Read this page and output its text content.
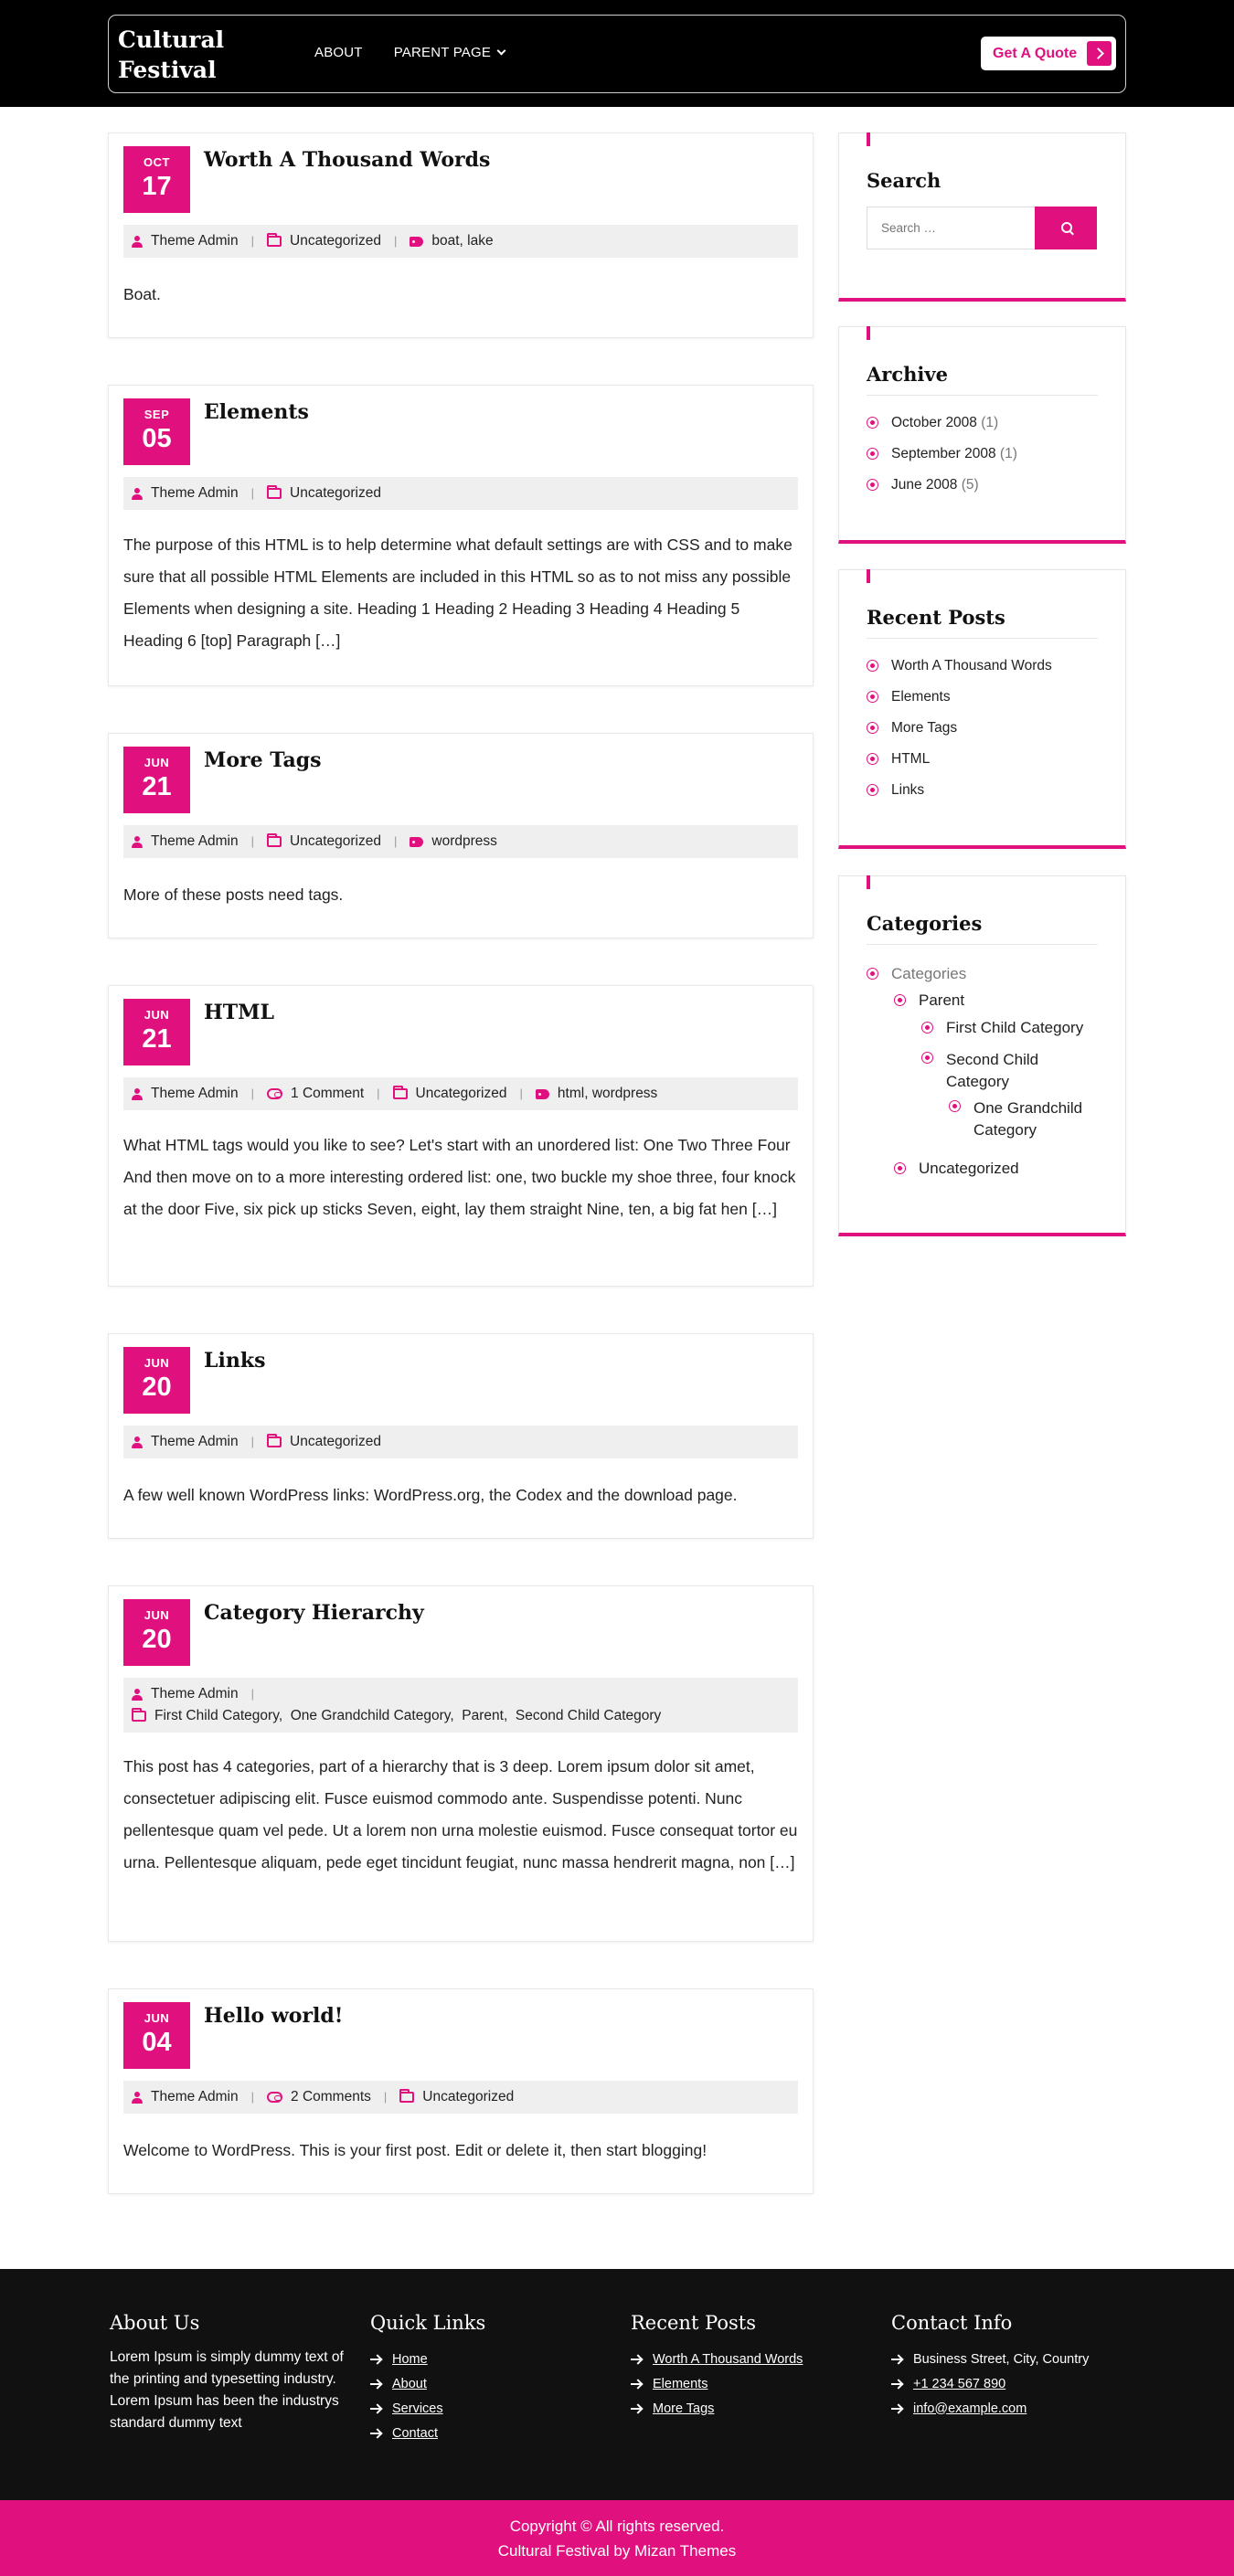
Cultural Festival
ABOUT PARENT PAGE	Get A Quote
OCT
17
Worth A Thousand Words
Theme Admin |	Uncategorized | boat, lake

Boat.

SEP
05
Elements
Theme Admin |	Uncategorized

The purpose of this HTML is to help determine what default settings are with CSS and to make sure that all possible HTML Elements are included in this HTML so as to not miss any possible Elements when designing a site. Heading 1 Heading 2 Heading 3 Heading 4 Heading 5 Heading 6 [top] Paragraph […]

JUN
21
More Tags
Theme Admin |	Uncategorized | wordpress

More of these posts need tags.

JUN
21
HTML
Theme Admin |	1 Comment |	Uncategorized | html, wordpress

What HTML tags would you like to see? Let's start with an unordered list: One Two Three Four And then move on to a more interesting ordered list: one, two buckle my shoe three, four knock at the door Five, six pick up sticks Seven, eight, lay them straight Nine, ten, a big fat hen […]

JUN
20
Links
Theme Admin |	Uncategorized

A few well known WordPress links: WordPress.org, the Codex and the download page.

JUN
20
Category Hierarchy
Theme Admin |
First Child Category,  One Grandchild Category,  Parent,  Second Child Category

This post has 4 categories, part of a hierarchy that is 3 deep. Lorem ipsum dolor sit amet, consectetuer adipiscing elit. Fusce euismod commodo ante. Suspendisse potenti. Nunc pellentesque quam vel pede. Ut a lorem non urna molestie euismod. Fusce consequat tortor eu urna. Pellentesque aliquam, pede eget tincidunt feugiat, nunc massa hendrerit magna, non […]

JUN
04
Hello world!
Theme Admin |	2 Comments |	Uncategorized

Welcome to WordPress. This is your first post. Edit or delete it, then start blogging!

Search
Search …
Archive
October 2008 (1)
September 2008 (1)
June 2008 (5)
Recent Posts
Worth A Thousand Words
Elements
More Tags
HTML
Links
Categories
Categories
Parent
First Child Category
Second Child Category
One Grandchild Category
Uncategorized
About Us

Lorem Ipsum is simply dummy text of the printing and typesetting industry. Lorem Ipsum has been the industrys standard dummy text

Quick Links
Home
About
Services
Contact
Recent Posts
Worth A Thousand Words
Elements
More Tags
Contact Info
Business Street, City, Country
+1 234 567 890
info@example.com
Copyright © All rights reserved.
Cultural Festival by Mizan Themes
